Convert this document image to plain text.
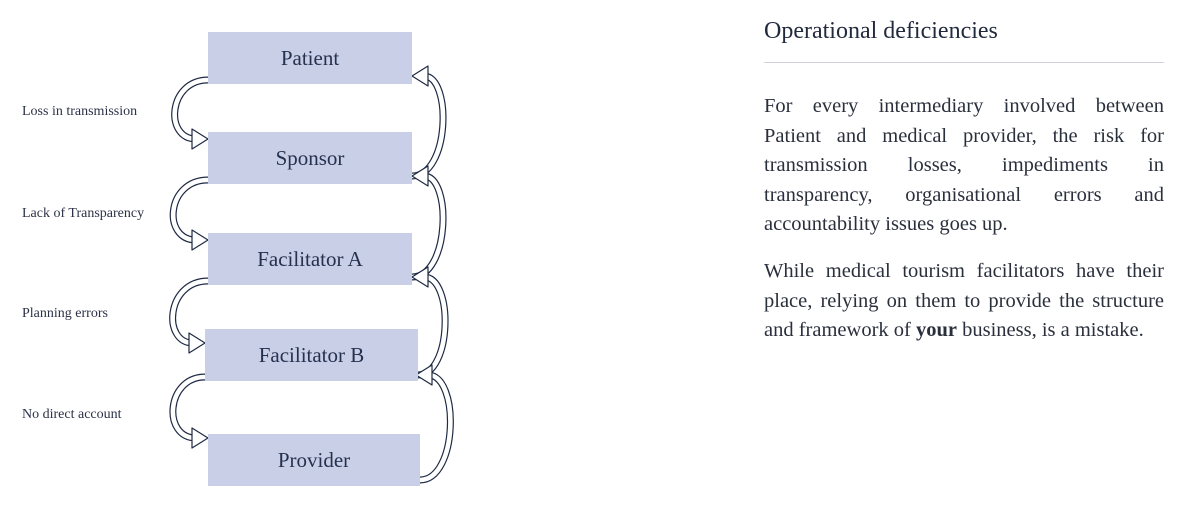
Patient
Sponsor
Facilitator A
Facilitator B
Provider
Loss in transmission
Lack of Transparency
Planning errors
No direct account
Operational deficiencies
For every intermediary involved between Patient and medical provider, the risk for transmission losses, impediments in transparency, organisational errors and accountability issues goes up.
While medical tourism facilitators have their place, relying on them to provide the structure and framework of your business, is a mistake.
